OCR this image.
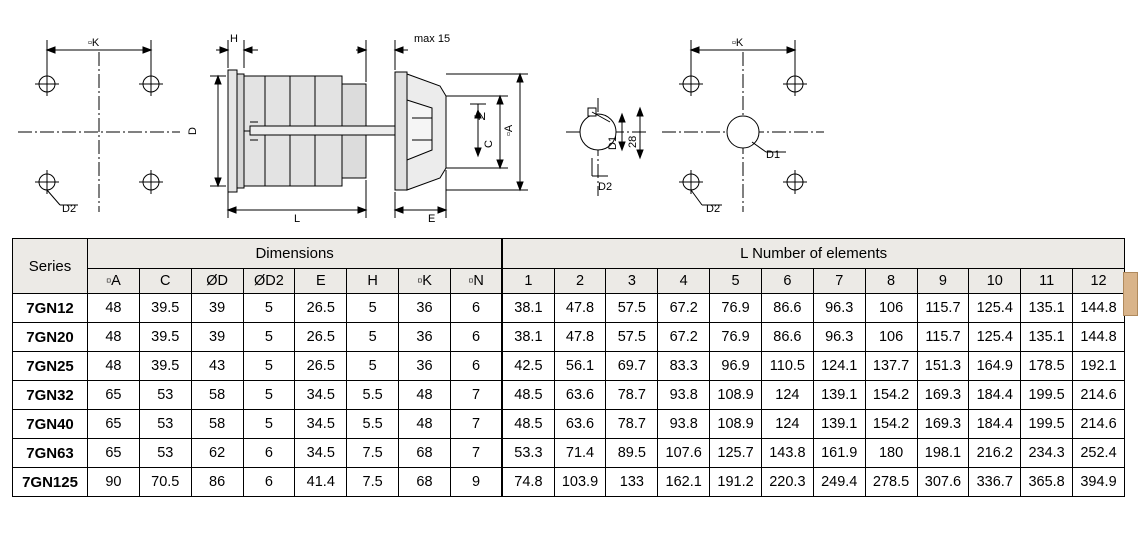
▫K
D2
H	max 15
D
L	E
▫N
C
▫A
D1 28
D2
▫K
D1
D2
Series	Dimensions								L Number of elements											
	▫A	C	ØD	ØD2	E	H	▫K	▫N	1	2	3	4	5	6	7	8	9	10	11	12
7GN12	48	39.5	39	5	26.5	5	36	6	38.1	47.8	57.5	67.2	76.9	86.6	96.3	106	115.7	125.4	135.1	144.8
7GN20	48	39.5	39	5	26.5	5	36	6	38.1	47.8	57.5	67.2	76.9	86.6	96.3	106	115.7	125.4	135.1	144.8
7GN25	48	39.5	43	5	26.5	5	36	6	42.5	56.1	69.7	83.3	96.9	110.5	124.1	137.7	151.3	164.9	178.5	192.1
7GN32	65	53	58	5	34.5	5.5	48	7	48.5	63.6	78.7	93.8	108.9	124	139.1	154.2	169.3	184.4	199.5	214.6
7GN40	65	53	58	5	34.5	5.5	48	7	48.5	63.6	78.7	93.8	108.9	124	139.1	154.2	169.3	184.4	199.5	214.6
7GN63	65	53	62	6	34.5	7.5	68	7	53.3	71.4	89.5	107.6	125.7	143.8	161.9	180	198.1	216.2	234.3	252.4
7GN125	90	70.5	86	6	41.4	7.5	68	9	74.8	103.9	133	162.1	191.2	220.3	249.4	278.5	307.6	336.7	365.8	394.9
